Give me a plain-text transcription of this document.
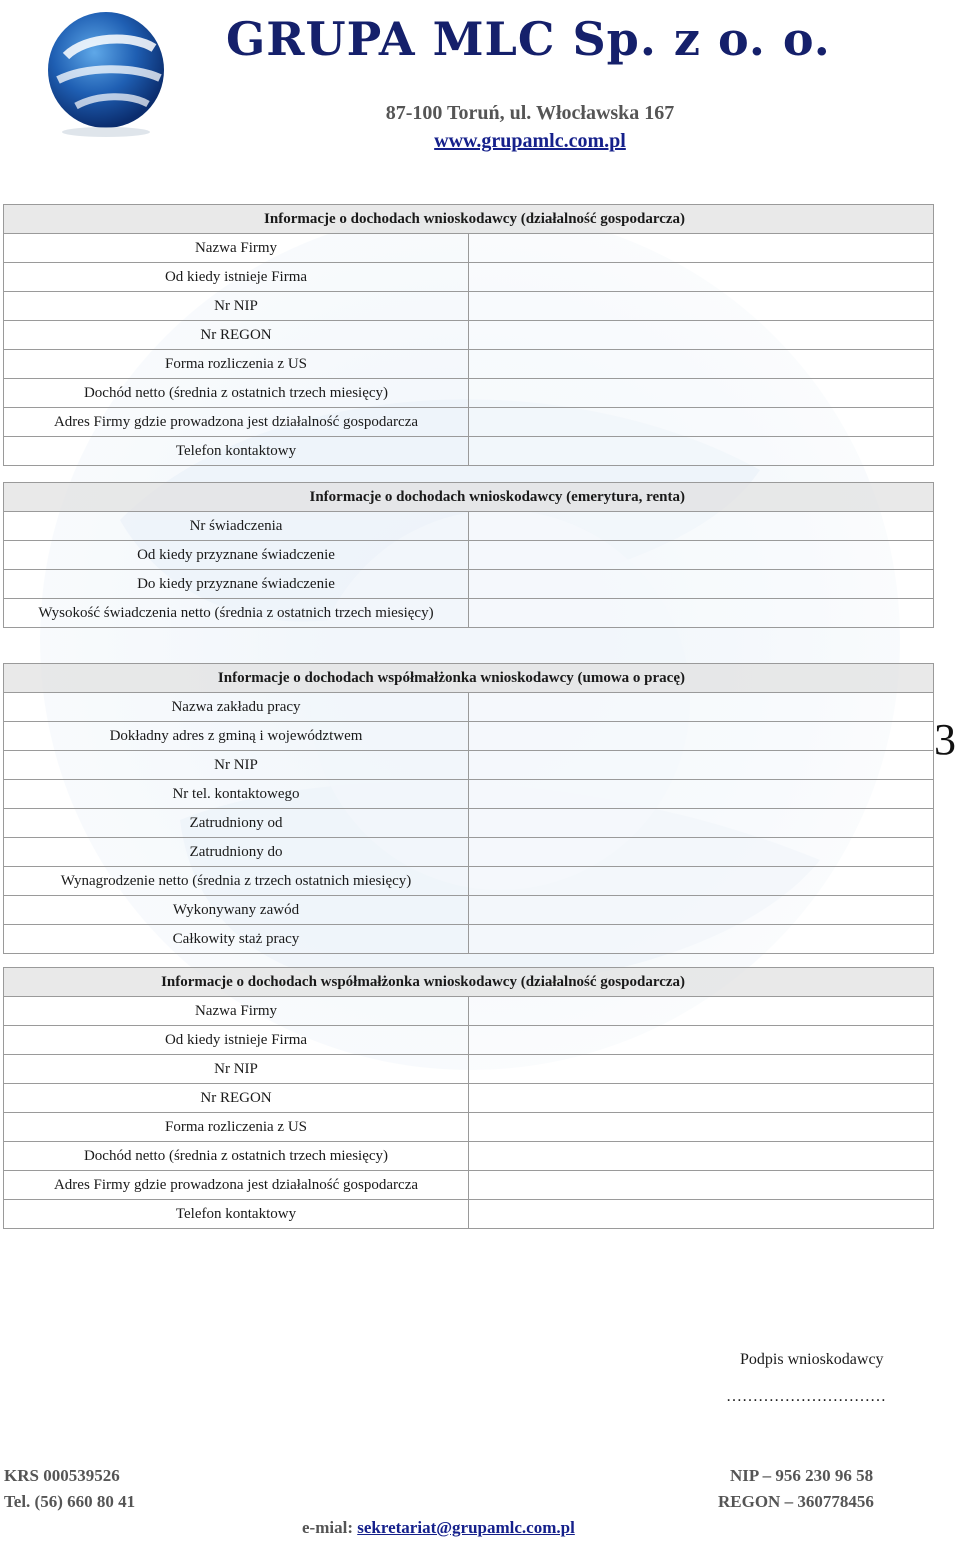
GRUPA MLC Sp. z o. o.
87-100 Toruń, ul. Włocławska 167
www.grupamlc.com.pl
Informacje o dochodach wnioskodawcy (działalność gospodarcza)	
Nazwa Firmy	
Od kiedy istnieje Firma	
Nr NIP	
Nr REGON	
Forma rozliczenia z US	
Dochód netto (średnia z ostatnich trzech miesięcy)	
Adres Firmy gdzie prowadzona jest działalność gospodarcza	
Telefon kontaktowy	
Informacje o dochodach wnioskodawcy (emerytura, renta)	
Nr świadczenia	
Od kiedy przyznane świadczenie	
Do kiedy przyznane świadczenie	
Wysokość świadczenia netto (średnia z ostatnich trzech miesięcy)	
Informacje o dochodach współmałżonka wnioskodawcy (umowa o pracę)	
Nazwa zakładu pracy	
Dokładny adres z gminą i województwem	
Nr NIP	
Nr tel. kontaktowego	
Zatrudniony od	
Zatrudniony do	
Wynagrodzenie netto (średnia z trzech ostatnich miesięcy)	
Wykonywany zawód	
Całkowity staż pracy	
3
Informacje o dochodach współmałżonka wnioskodawcy (działalność gospodarcza)	
Nazwa Firmy	
Od kiedy istnieje Firma	
Nr NIP	
Nr REGON	
Forma rozliczenia z US	
Dochód netto (średnia z ostatnich trzech miesięcy)	
Adres Firmy gdzie prowadzona jest działalność gospodarcza	
Telefon kontaktowy	
Podpis wnioskodawcy
…………………………
KRS 000539526
Tel. (56) 660 80 41
NIP – 956 230 96 58
REGON – 360778456
e-mial: sekretariat@grupamlc.com.pl
